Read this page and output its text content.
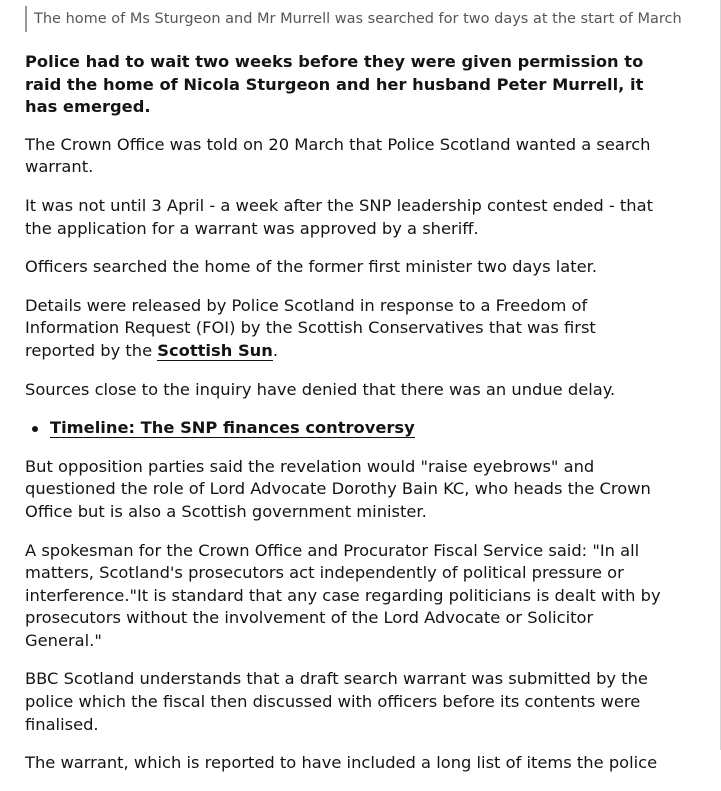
The home of Ms Sturgeon and Mr Murrell was searched for two days at the start of March

Police had to wait two weeks before they were given permission to raid the home of Nicola Sturgeon and her husband Peter Murrell, it has emerged.

The Crown Office was told on 20 March that Police Scotland wanted a search warrant.

It was not until 3 April - a week after the SNP leadership contest ended - that the application for a warrant was approved by a sheriff.

Officers searched the home of the former first minister two days later.

Details were released by Police Scotland in response to a Freedom of Information Request (FOI) by the Scottish Conservatives that was first reported by the Scottish Sun.

Sources close to the inquiry have denied that there was an undue delay.

Timeline: The SNP finances controversy

But opposition parties said the revelation would "raise eyebrows" and questioned the role of Lord Advocate Dorothy Bain KC, who heads the Crown Office but is also a Scottish government minister.

A spokesman for the Crown Office and Procurator Fiscal Service said: "In all matters, Scotland's prosecutors act independently of political pressure or interference."It is standard that any case regarding politicians is dealt with by prosecutors without the involvement of the Lord Advocate or Solicitor General."

BBC Scotland understands that a draft search warrant was submitted by the police which the fiscal then discussed with officers before its contents were finalised.

The warrant, which is reported to have included a long list of items the police
